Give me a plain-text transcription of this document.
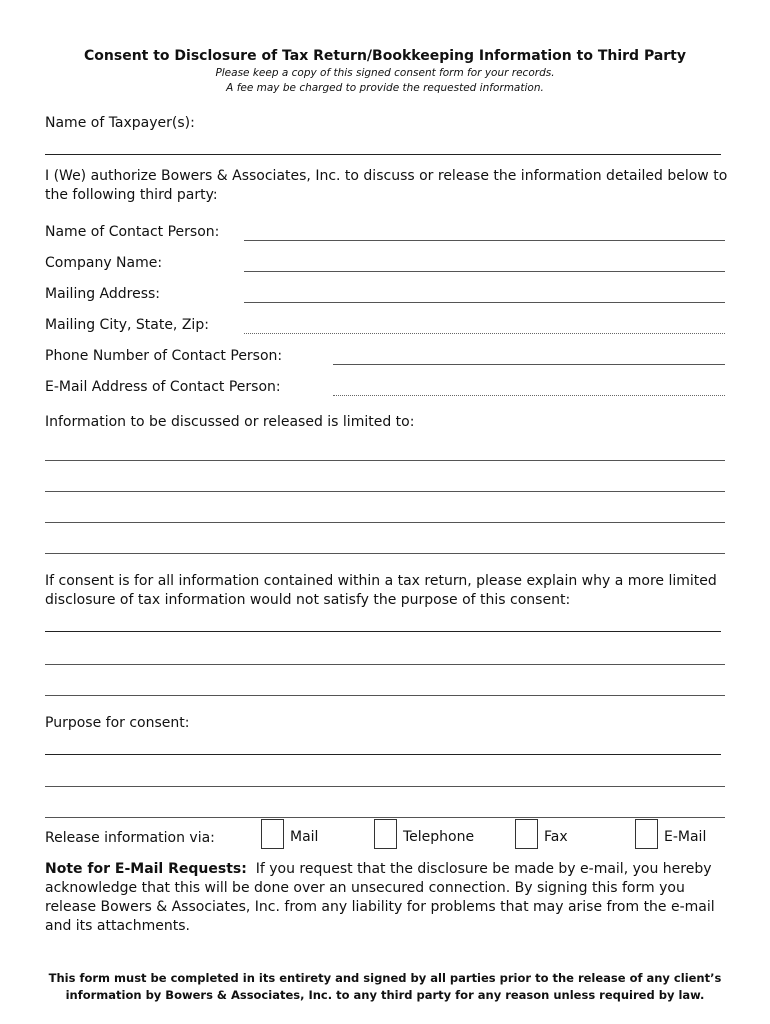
Consent to Disclosure of Tax Return/Bookkeeping Information to Third Party
Please keep a copy of this signed consent form for your records.
A fee may be charged to provide the requested information.
Name of Taxpayer(s):
I (We) authorize Bowers & Associates, Inc. to discuss or release the information detailed below to the following third party:
Name of Contact Person:
Company Name:
Mailing Address:
Mailing City, State, Zip:
Phone Number of Contact Person:
E-Mail Address of Contact Person:
Information to be discussed or released is limited to:
If consent is for all information contained within a tax return, please explain why a more limited disclosure of tax information would not satisfy the purpose of this consent:
Purpose for consent:
Release information via:	Mail	Telephone	Fax	E-Mail
Note for E-Mail Requests: If you request that the disclosure be made by e-mail, you hereby acknowledge that this will be done over an unsecured connection. By signing this form you release Bowers & Associates, Inc. from any liability for problems that may arise from the e-mail and its attachments.
This form must be completed in its entirety and signed by all parties prior to the release of any client’s information by Bowers & Associates, Inc. to any third party for any reason unless required by law.
